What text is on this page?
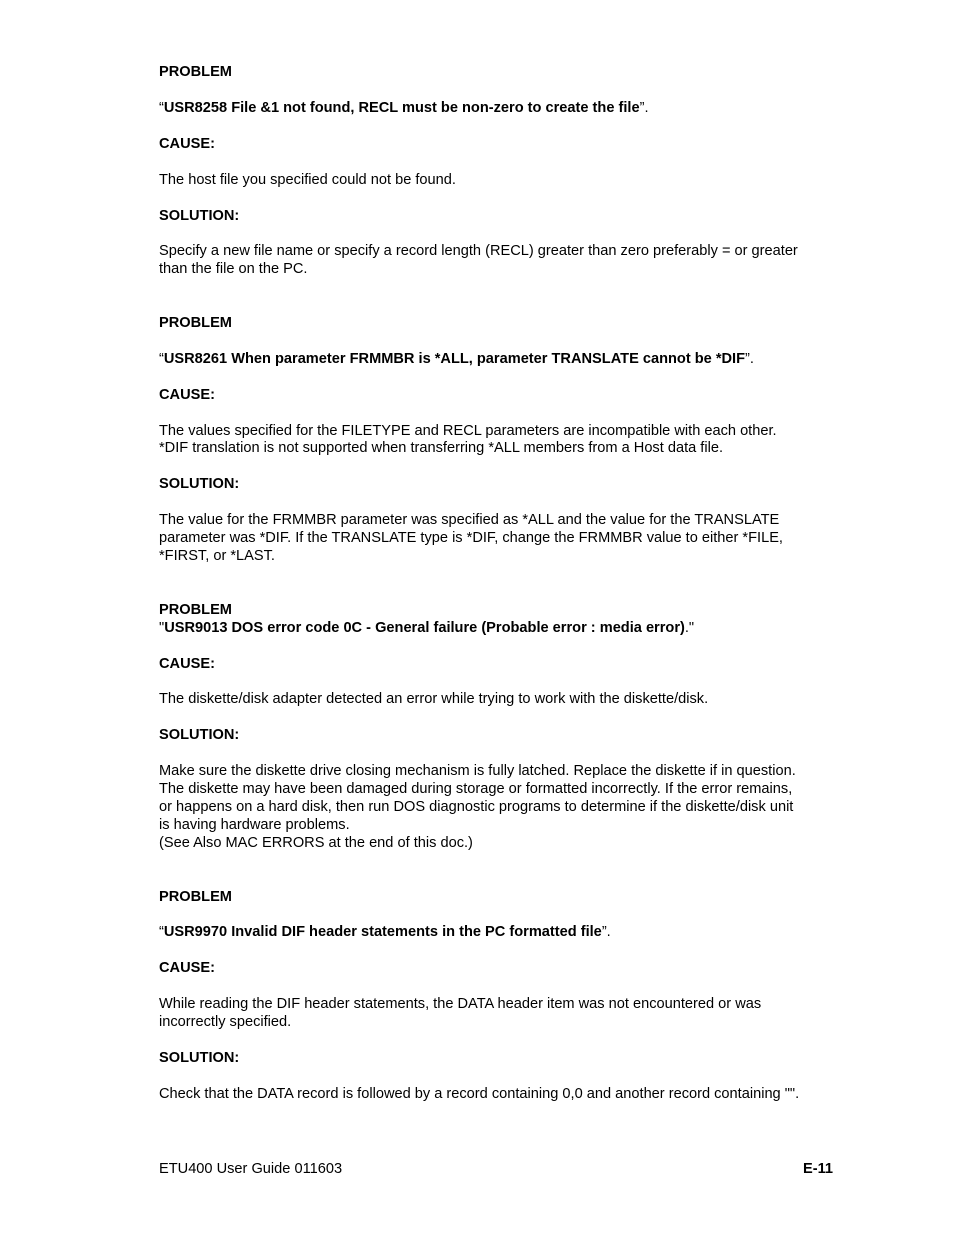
PROBLEM

“USR8258 File &1 not found, RECL must be non-zero to create the file”.

CAUSE:

The host file you specified could not be found.

SOLUTION:

Specify a new file name or specify a record length (RECL) greater than zero preferably = or greater

than the file on the PC.

PROBLEM

“USR8261 When parameter FRMMBR is *ALL, parameter TRANSLATE cannot be *DIF”.

CAUSE:

The values specified for the FILETYPE and RECL parameters are incompatible with each other.

*DIF translation is not supported when transferring *ALL members from a Host data file.

SOLUTION:

The value for the FRMMBR parameter was specified as *ALL and the value for the TRANSLATE

parameter was *DIF. If the TRANSLATE type is *DIF, change the FRMMBR value to either *FILE,

*FIRST, or *LAST.

PROBLEM

"USR9013 DOS error code 0C - General failure (Probable error : media error)."

CAUSE:

The diskette/disk adapter detected an error while trying to work with the diskette/disk.

SOLUTION:

Make sure the diskette drive closing mechanism is fully latched. Replace the diskette if in question.

The diskette may have been damaged during storage or formatted incorrectly. If the error remains,

or happens on a hard disk, then run DOS diagnostic programs to determine if the diskette/disk unit

is having hardware problems.

(See Also MAC ERRORS at the end of this doc.)

PROBLEM

“USR9970 Invalid DIF header statements in the PC formatted file”.

CAUSE:

While reading the DIF header statements, the DATA header item was not encountered or was

incorrectly specified.

SOLUTION:

Check that the DATA record is followed by a record containing 0,0 and another record containing "".

ETU400 User Guide 011603	E-11
